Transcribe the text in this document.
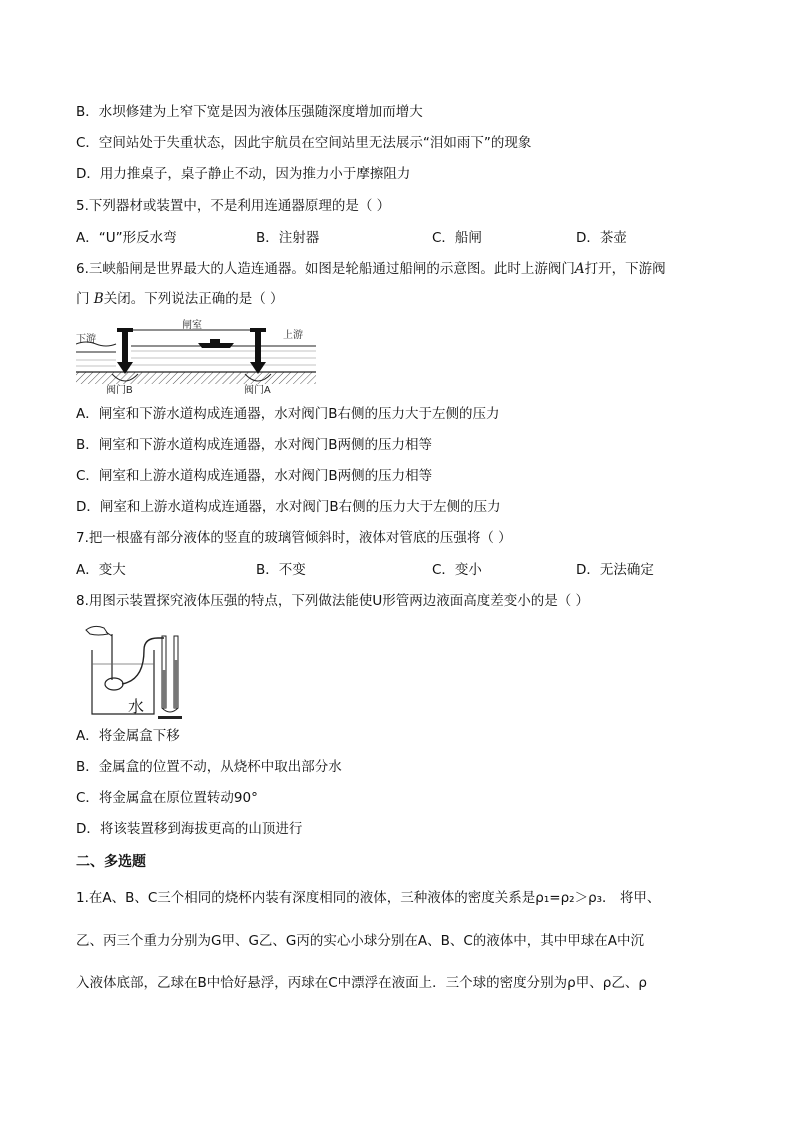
B．水坝修建为上窄下宽是因为液体压强随深度增加而增大
C．空间站处于失重状态，因此宇航员在空间站里无法展示“泪如雨下”的现象
D．用力推桌子，桌子静止不动，因为推力小于摩擦阻力
5.下列器材或装置中，不是利用连通器原理的是（ ）
A．“U”形反水弯	B．注射器	C．船闸	D．茶壶
6.三峡船闸是世界最大的人造连通器。如图是轮船通过船闸的示意图。此时上游阀门A打开，下游阀
门 B关闭。下列说法正确的是（ ）
闸室
上游
下游
阀门B	阀门A
A．闸室和下游水道构成连通器，水对阀门B右侧的压力大于左侧的压力
B．闸室和下游水道构成连通器，水对阀门B两侧的压力相等
C．闸室和上游水道构成连通器，水对阀门B两侧的压力相等
D．闸室和上游水道构成连通器，水对阀门B右侧的压力大于左侧的压力
7.把一根盛有部分液体的竖直的玻璃管倾斜时，液体对管底的压强将（ ）
A．变大	B．不变	C．变小	D．无法确定
8.用图示装置探究液体压强的特点，下列做法能使U形管两边液面高度差变小的是（ ）
水
A．将金属盒下移
B．金属盒的位置不动，从烧杯中取出部分水
C．将金属盒在原位置转动90°
D．将该装置移到海拔更高的山顶进行
二、多选题
1.在A、B、C三个相同的烧杯内装有深度相同的液体，三种液体的密度关系是ρ₁=ρ₂＞ρ₃． 将甲、
乙、丙三个重力分别为G甲、G乙、G丙的实心小球分别在A、B、C的液体中，其中甲球在A中沉
入液体底部，乙球在B中恰好悬浮，丙球在C中漂浮在液面上．三个球的密度分别为ρ甲、ρ乙、ρ
